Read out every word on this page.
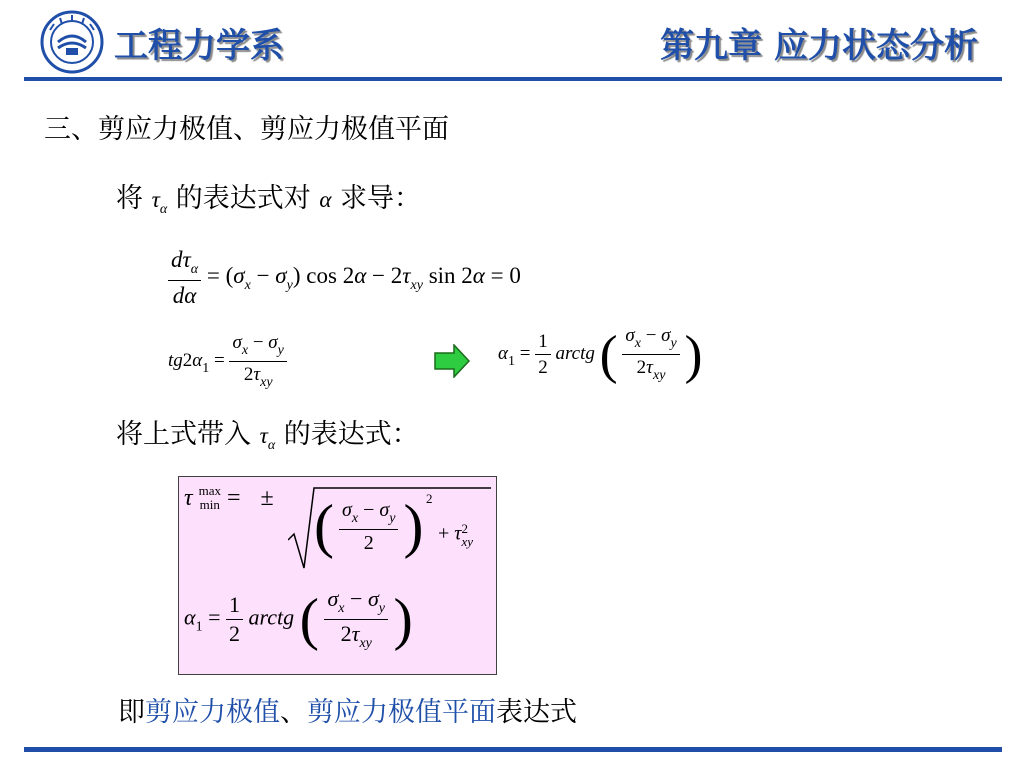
工程力学系	第九章 应力状态分析
三、剪应力极值、剪应力极值平面
将 $\tau_\alpha$ 的表达式对 α 求导：
$\frac{d\tau_\alpha}{d\alpha} = (\sigma_x - \sigma_y)$ $\cos 2\alpha - 2\tau_{xy}$ sin 2α = 0
$tg2\alpha_1 = \frac{\sigma_x - \sigma_y}{2\tau_{xy}}$	$\alpha_1 = \frac{1}{2}$ arctg ( $\frac{\sigma_x - \sigma_y}{2\tau_{xy}}$ )
将上式带入 $\tau_\alpha$ 的表达式：
τ max
min = ± ( $\frac{\sigma_x - \sigma_y}{2}$ ) 2
+ τ 2
xy
$\alpha_1 = \frac{1}{2}$ arctg ( $\frac{\sigma_x - \sigma_y}{2\tau_{xy}}$ )
即剪应力极值、剪应力极值平面表达式
